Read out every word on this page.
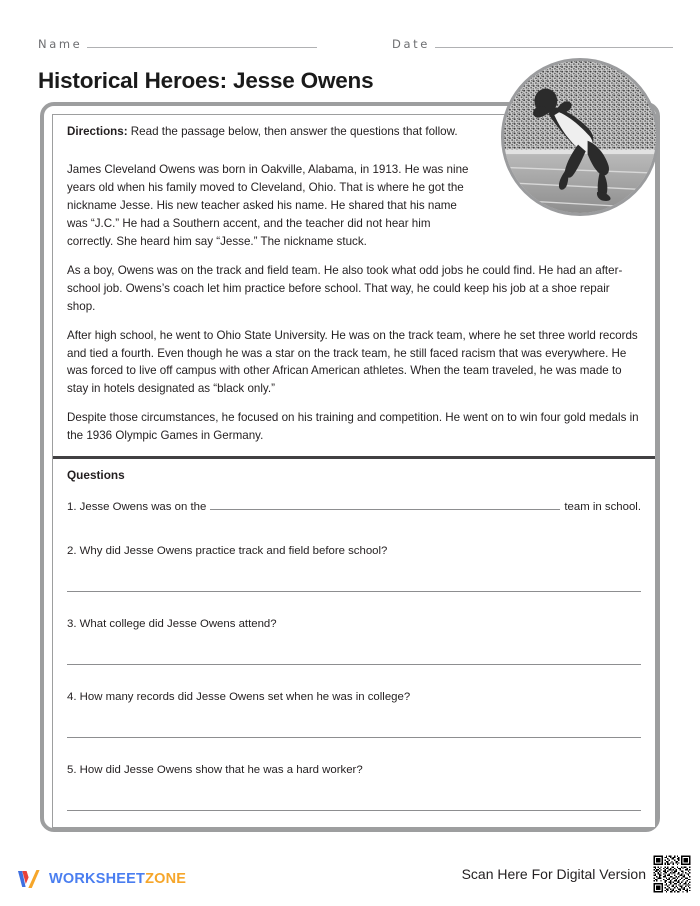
Name	Date
Historical Heroes: Jesse Owens
Directions: Read the passage below, then answer the questions that follow.

James Cleveland Owens was born in Oakville, Alabama, in 1913. He was nine years old when his family moved to Cleveland, Ohio. That is where he got the nickname Jesse. His new teacher asked his name. He shared that his name was “J.C.” He had a Southern accent, and the teacher did not hear him correctly. She heard him say “Jesse.” The nickname stuck.

As a boy, Owens was on the track and field team. He also took what odd jobs he could find. He had an after-school job. Owens’s coach let him practice before school. That way, he could keep his job at a shoe repair shop.

After high school, he went to Ohio State University. He was on the track team, where he set three world records and tied a fourth. Even though he was a star on the track team, he still faced racism that was everywhere. He was forced to live off campus with other African American athletes. When the team traveled, he was made to stay in hotels designated as “black only.”

Despite those circumstances, he focused on his training and competition. He went on to win four gold medals in the 1936 Olympic Games in Germany.

Questions
1.
Jesse Owens was on the	team in school.
2.
Why did Jesse Owens practice track and field before school?
3.
What college did Jesse Owens attend?
4.
How many records did Jesse Owens set when he was in college?
5.
How did Jesse Owens show that he was a hard worker?
WORKSHEETZONE	Scan Here For Digital Version
